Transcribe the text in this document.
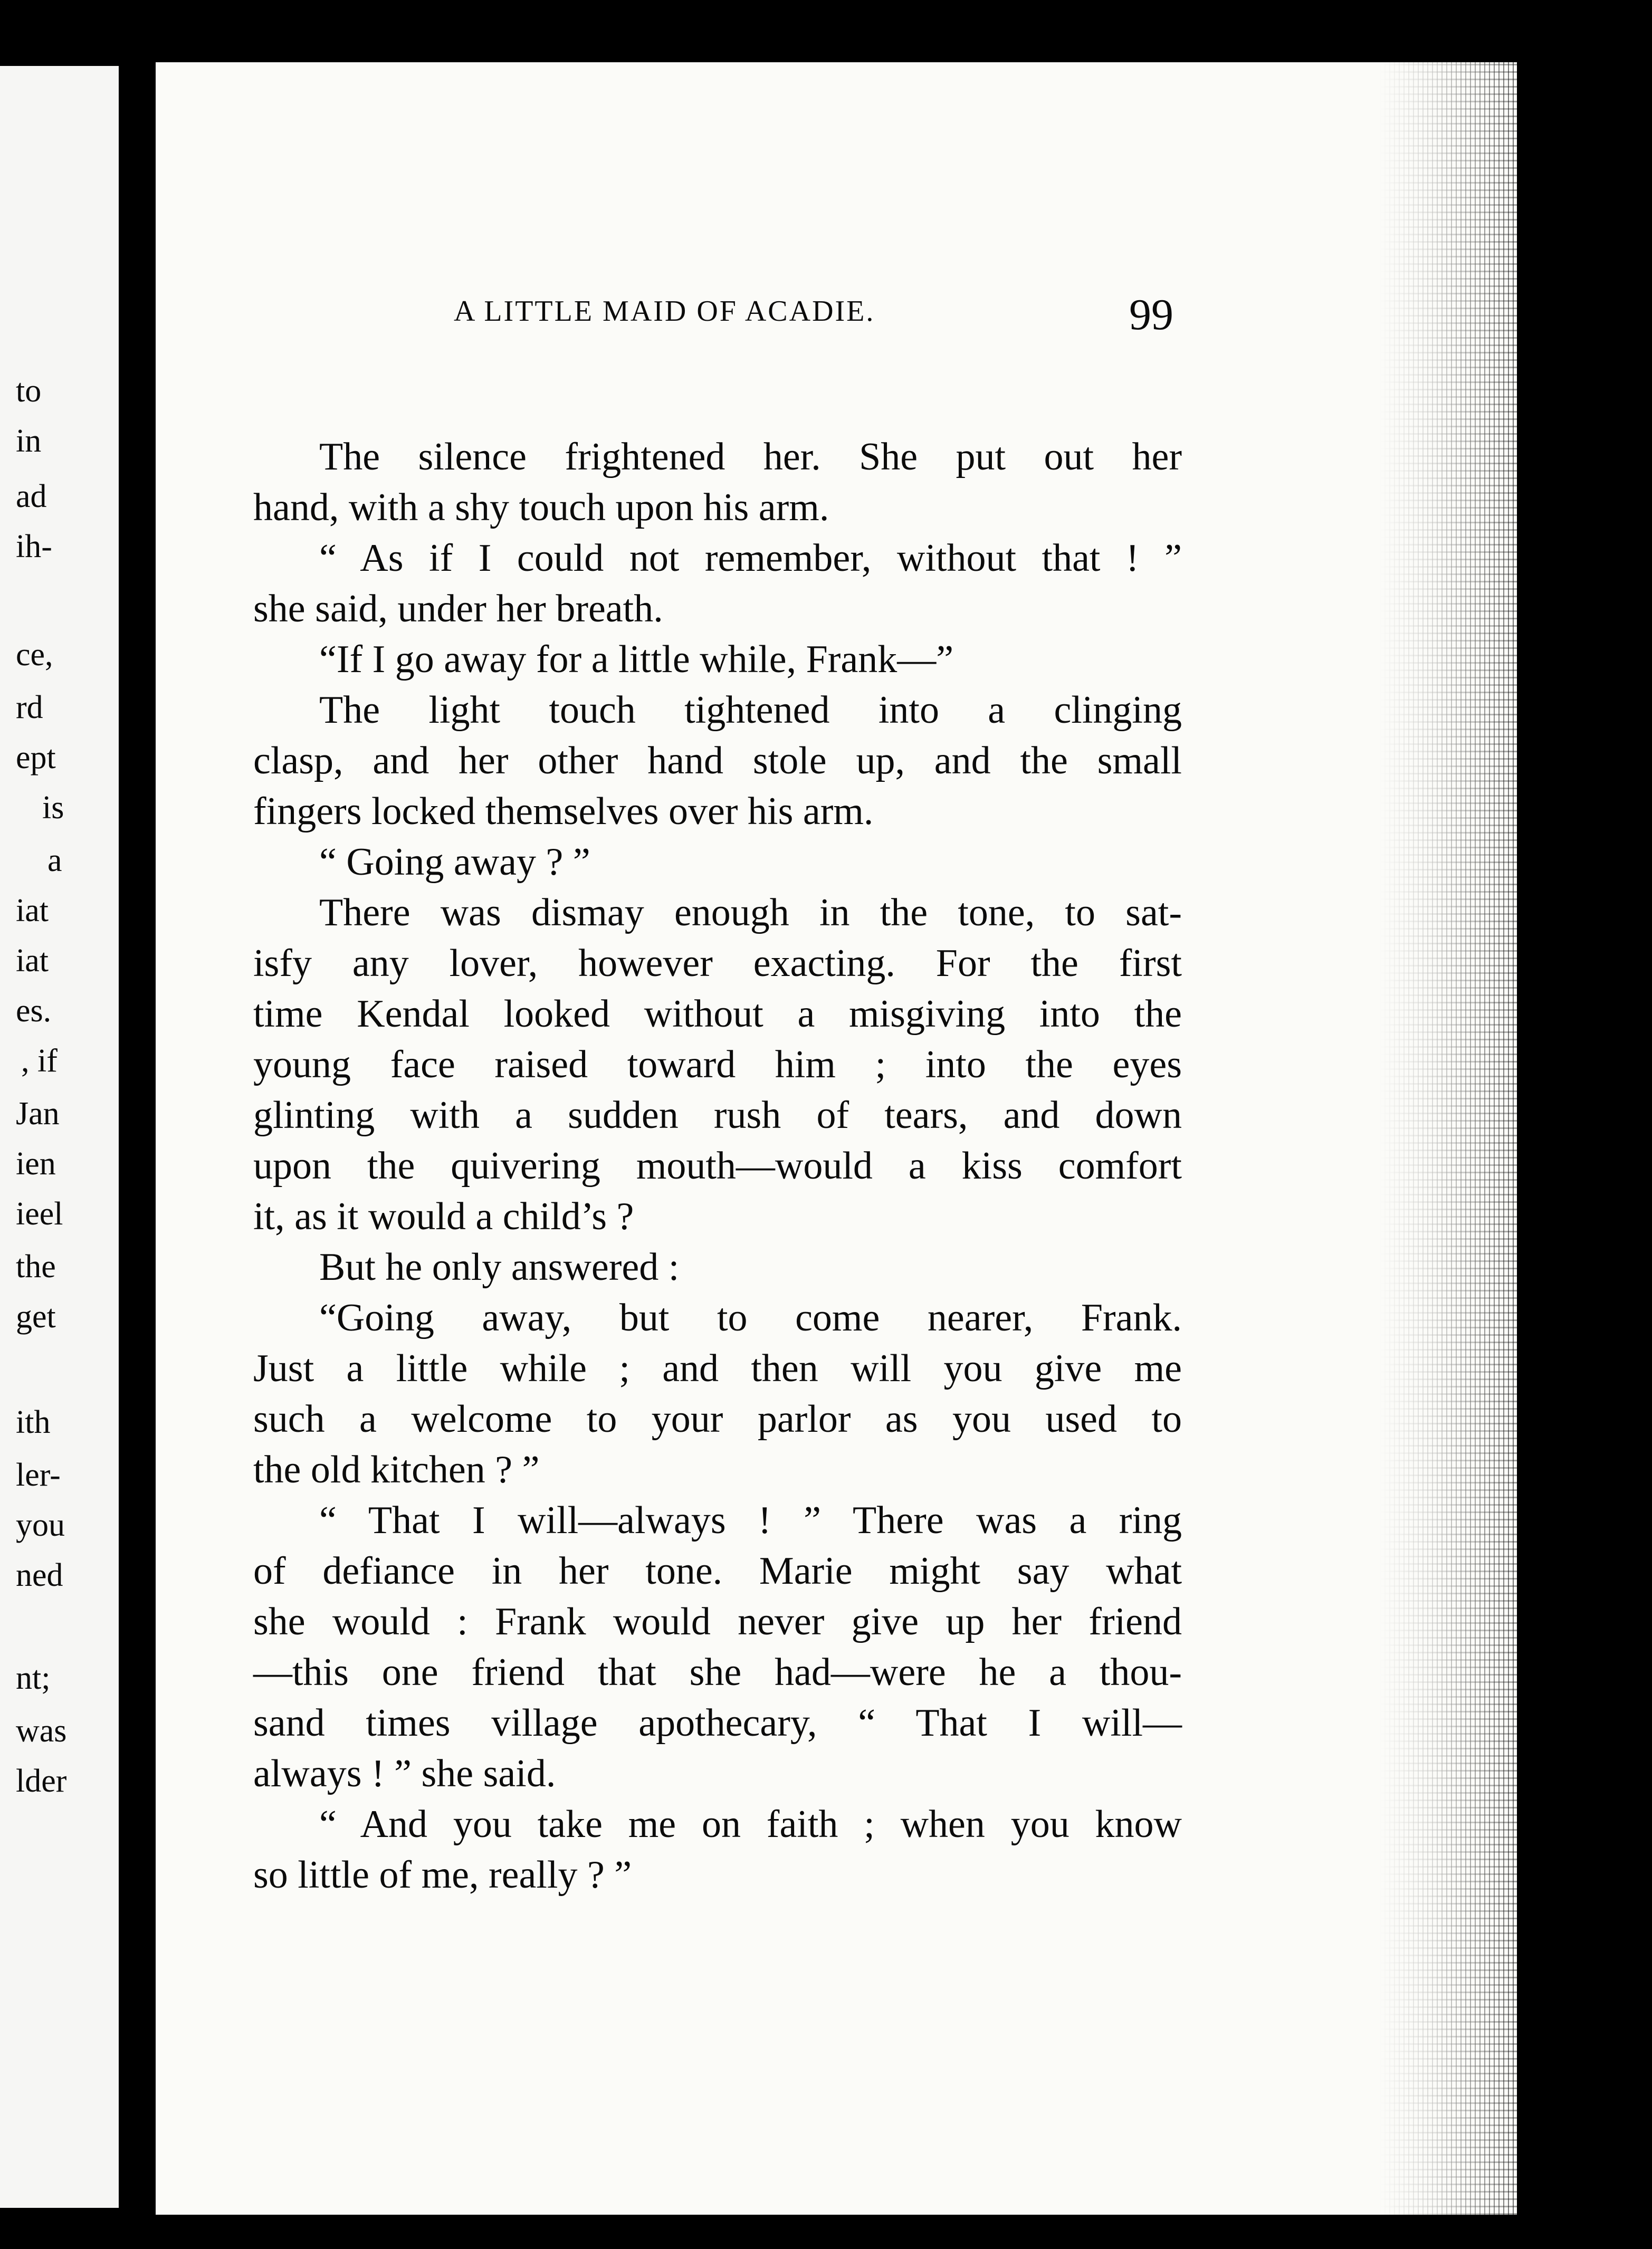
to
in
ad
ih-
ce,
rd
ept
is
a
iat
iat
es.
, if
Jan
ien
ieel
the
get
ith
ler-
you
ned
nt;
was
lder
A LITTLE MAID OF ACADIE.	99
The silence frightened her. She put out her
hand, with a shy touch upon his arm.
“ As if I could not remember, without that ! ”
she said, under her breath.
“If I go away for a little while, Frank—”
The light touch tightened into a clinging
clasp, and her other hand stole up, and the small
fingers locked themselves over his arm.
“ Going away ? ”
There was dismay enough in the tone, to sat-
isfy any lover, however exacting. For the first
time Kendal looked without a misgiving into the
young face raised toward him ; into the eyes
glinting with a sudden rush of tears, and down
upon the quivering mouth—would a kiss comfort
it, as it would a child’s ?
But he only answered :
“Going away, but to come nearer, Frank.
Just a little while ; and then will you give me
such a welcome to your parlor as you used to
the old kitchen ? ”
“ That I will—always ! ” There was a ring
of defiance in her tone. Marie might say what
she would : Frank would never give up her friend
—this one friend that she had—were he a thou-
sand times village apothecary, “ That I will—
always ! ” she said.
“ And you take me on faith ; when you know
so little of me, really ? ”
